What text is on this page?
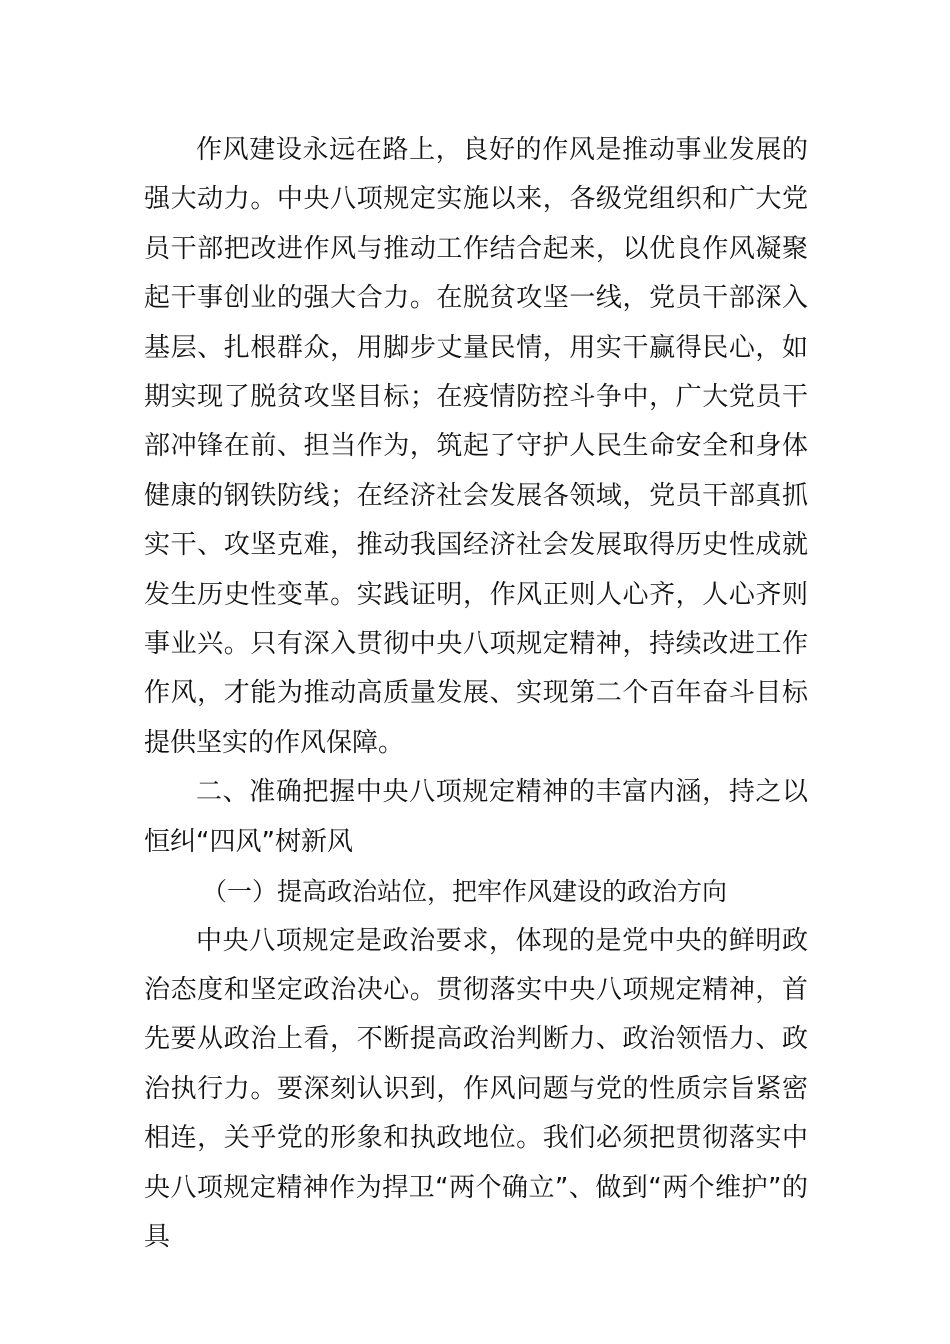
作风建设永远在路上，良好的作风是推动事业发展的强大动力。中央八项规定实施以来，各级党组织和广大党员干部把改进作风与推动工作结合起来，以优良作风凝聚起干事创业的强大合力。在脱贫攻坚一线，党员干部深入基层、扎根群众，用脚步丈量民情，用实干赢得民心，如期实现了脱贫攻坚目标；在疫情防控斗争中，广大党员干部冲锋在前、担当作为，筑起了守护人民生命安全和身体健康的钢铁防线；在经济社会发展各领域，党员干部真抓实干、攻坚克难，推动我国经济社会发展取得历史性成就发生历史性变革。实践证明，作风正则人心齐，人心齐则事业兴。只有深入贯彻中央八项规定精神，持续改进工作作风，才能为推动高质量发展、实现第二个百年奋斗目标提供坚实的作风保障。

二、准确把握中央八项规定精神的丰富内涵，持之以恒纠“四风”树新风

（一）提高政治站位，把牢作风建设的政治方向

中央八项规定是政治要求，体现的是党中央的鲜明政治态度和坚定政治决心。贯彻落实中央八项规定精神，首先要从政治上看，不断提高政治判断力、政治领悟力、政治执行力。要深刻认识到，作风问题与党的性质宗旨紧密相连，关乎党的形象和执政地位。我们必须把贯彻落实中央八项规定精神作为捍卫“两个确立”、做到“两个维护”的具
